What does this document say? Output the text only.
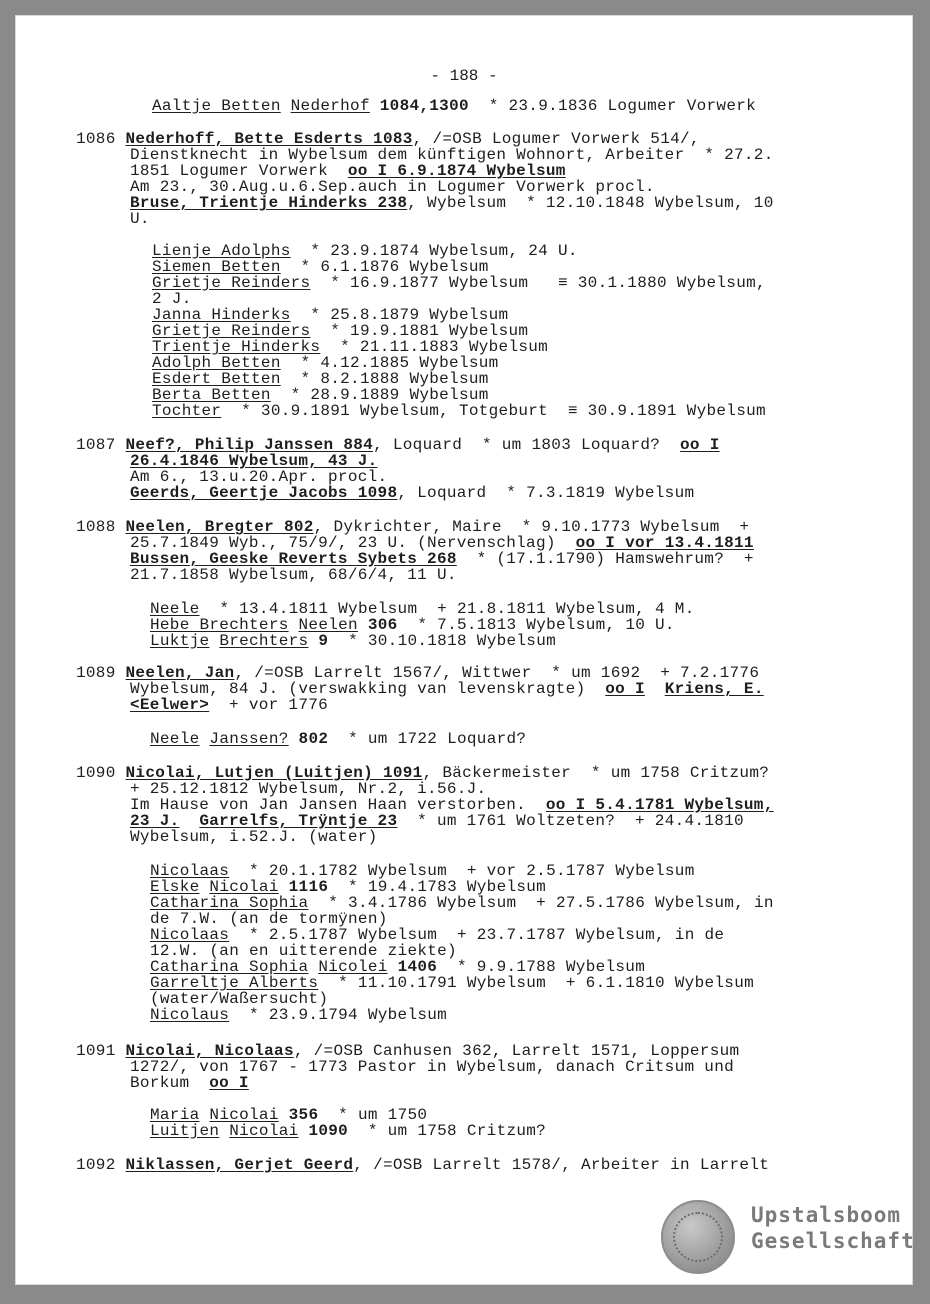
- 188 -
Aaltje Betten Nederhof 1084,1300  * 23.9.1836 Logumer Vorwerk
1086 Nederhoff, Bette Esderts 1083, /=OSB Logumer Vorwerk 514/,
Dienstknecht in Wybelsum dem künftigen Wohnort, Arbeiter  * 27.2.
1851 Logumer Vorwerk  oo I 6.9.1874 Wybelsum
Am 23., 30.Aug.u.6.Sep.auch in Logumer Vorwerk procl.
Bruse, Trientje Hinderks 238, Wybelsum  * 12.10.1848 Wybelsum, 10
U.
Lienje Adolphs  * 23.9.1874 Wybelsum, 24 U.
Siemen Betten  * 6.1.1876 Wybelsum
Grietje Reinders  * 16.9.1877 Wybelsum   ≡ 30.1.1880 Wybelsum,
2 J.
Janna Hinderks  * 25.8.1879 Wybelsum
Grietje Reinders  * 19.9.1881 Wybelsum
Trientje Hinderks  * 21.11.1883 Wybelsum
Adolph Betten  * 4.12.1885 Wybelsum
Esdert Betten  * 8.2.1888 Wybelsum
Berta Betten  * 28.9.1889 Wybelsum
Tochter  * 30.9.1891 Wybelsum, Totgeburt  ≡ 30.9.1891 Wybelsum
1087 Neef?, Philip Janssen 884, Loquard  * um 1803 Loquard?  oo I
26.4.1846 Wybelsum, 43 J.
Am 6., 13.u.20.Apr. procl.
Geerds, Geertje Jacobs 1098, Loquard  * 7.3.1819 Wybelsum
1088 Neelen, Bregter 802, Dykrichter, Maire  * 9.10.1773 Wybelsum  +
25.7.1849 Wyb., 75/9/, 23 U. (Nervenschlag)  oo I vor 13.4.1811
Bussen, Geeske Reverts Sybets 268  * (17.1.1790) Hamswehrum?  +
21.7.1858 Wybelsum, 68/6/4, 11 U.
Neele  * 13.4.1811 Wybelsum  + 21.8.1811 Wybelsum, 4 M.
Hebe Brechters Neelen 306  * 7.5.1813 Wybelsum, 10 U.
Luktje Brechters 9  * 30.10.1818 Wybelsum
1089 Neelen, Jan, /=OSB Larrelt 1567/, Wittwer  * um 1692  + 7.2.1776
Wybelsum, 84 J. (verswakking van levenskragte)  oo I Kriens, E.
<Eelwer>  + vor 1776
Neele Janssen? 802  * um 1722 Loquard?
1090 Nicolai, Lutjen (Luitjen) 1091, Bäckermeister  * um 1758 Critzum?
+ 25.12.1812 Wybelsum, Nr.2, i.56.J.
Im Hause von Jan Jansen Haan verstorben.  oo I 5.4.1781 Wybelsum,
23 J. Garrelfs, Trÿntje 23  * um 1761 Woltzeten?  + 24.4.1810
Wybelsum, i.52.J. (water)
Nicolaas  * 20.1.1782 Wybelsum  + vor 2.5.1787 Wybelsum
Elske Nicolai 1116  * 19.4.1783 Wybelsum
Catharina Sophia  * 3.4.1786 Wybelsum  + 27.5.1786 Wybelsum, in
de 7.W. (an de tormÿnen)
Nicolaas  * 2.5.1787 Wybelsum  + 23.7.1787 Wybelsum, in de
12.W. (an en uitterende ziekte)
Catharina Sophia Nicolei 1406  * 9.9.1788 Wybelsum
Garreltje Alberts  * 11.10.1791 Wybelsum  + 6.1.1810 Wybelsum
(water/Waßersucht)
Nicolaus  * 23.9.1794 Wybelsum
1091 Nicolai, Nicolaas, /=OSB Canhusen 362, Larrelt 1571, Loppersum
1272/, von 1767 - 1773 Pastor in Wybelsum, danach Critsum und
Borkum  oo I
Maria Nicolai 356  * um 1750
Luitjen Nicolai 1090  * um 1758 Critzum?
1092 Niklassen, Gerjet Geerd, /=OSB Larrelt 1578/, Arbeiter in Larrelt
Upstalsboom
Gesellschaft
